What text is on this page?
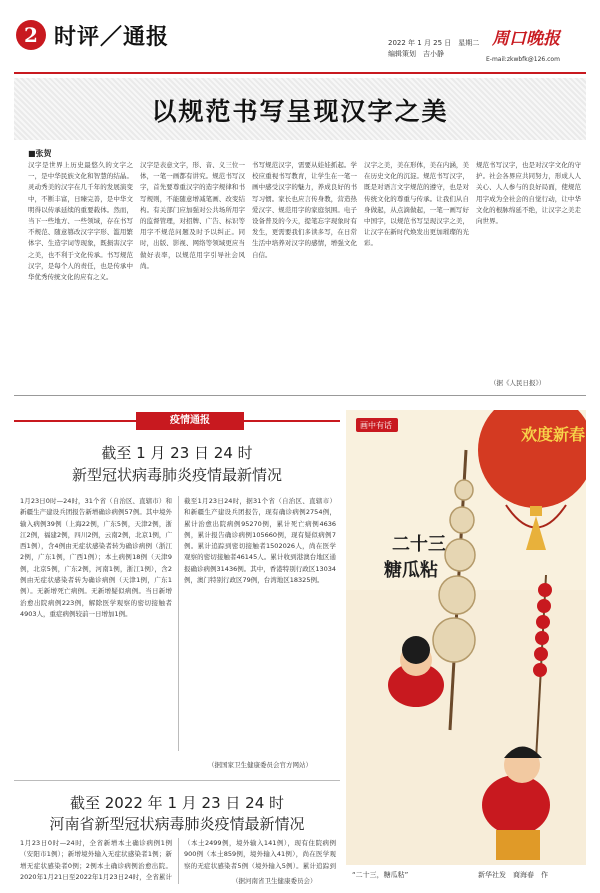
2 时评／通报	2022 年 1 月 25 日　星期二
编辑策划　吉小静
周口晚报
E-mail:zkwbfk@126.com
以规范书写呈现汉字之美
■张贺
汉字是世界上历史最悠久的文字之一，是中华民族文化和智慧的结晶。灵动秀美的汉字在几千年的发展演变中，不断丰富，日臻完善，是中华文明得以传承延续的重要载体。然而，当下一些地方、一些领域，存在书写不规范、随意篡改汉字字形、滥用繁体字、生造字词等现象，既损害汉字之美，也不利于文化传承。书写规范汉字，是每个人的责任，也是传承中华优秀传统文化的应有之义。
汉字是表意文字，形、音、义三位一体，一笔一画都有讲究。规范书写汉字，首先要尊重汉字的造字规律和书写规则，不能随意增减笔画、改变结构。有关部门应加强对公共场所用字的监督管理，对招牌、广告、标识等用字不规范问题及时予以纠正。同时，出版、影视、网络等领域更应当做好表率，以规范用字引导社会风尚。
书写规范汉字，需要从娃娃抓起。学校应重视书写教育，让学生在一笔一画中感受汉字的魅力，养成良好的书写习惯。家长也应言传身教，营造热爱汉字、规范用字的家庭氛围。电子设备普及的今天，提笔忘字现象时有发生，更需要我们多读多写，在日常生活中培养对汉字的感情，增强文化自信。
汉字之美，美在形体，美在内涵，美在历史文化的沉淀。规范书写汉字，既是对语言文字规范的遵守，也是对传统文化的尊重与传承。让我们从自身做起，从点滴做起，一笔一画写好中国字，以规范书写呈现汉字之美，让汉字在新时代焕发出更加璀璨的光彩。
规范书写汉字，也是对汉字文化的守护。社会各界应共同努力，形成人人关心、人人参与的良好局面，使规范用字成为全社会的自觉行动，让中华文化的根脉绵延不绝，让汉字之美走向世界。
（据《人民日报》）
疫情通报
截至 1 月 23 日 24 时
新型冠状病毒肺炎疫情最新情况
1月23日0时—24时，31个省（自治区、直辖市）和新疆生产建设兵团报告新增确诊病例57例。其中境外输入病例39例（上海22例，广东5例，天津2例，浙江2例，福建2例，四川2例，云南2例，北京1例，广西1例），含4例由无症状感染者转为确诊病例（浙江2例，广东1例，广西1例）；本土病例18例（天津9例，北京5例，广东2例，河南1例，浙江1例），含2例由无症状感染者转为确诊病例（天津1例，广东1例）。无新增死亡病例。无新增疑似病例。当日新增治愈出院病例223例，解除医学观察的密切接触者4903人，重症病例较前一日增加1例。
截至1月23日24时，据31个省（自治区、直辖市）和新疆生产建设兵团报告，现有确诊病例2754例，累计治愈出院病例95270例，累计死亡病例4636例，累计报告确诊病例105660例，现有疑似病例7例。累计追踪到密切接触者1502026人，尚在医学观察的密切接触者46145人。累计收到港澳台地区通报确诊病例31436例。其中，香港特别行政区13034例，澳门特别行政区79例，台湾地区18325例。
（据国家卫生健康委员会官方网站）
截至 2022 年 1 月 23 日 24 时
河南省新型冠状病毒肺炎疫情最新情况
1月23日0时—24时，全省新增本土确诊病例1例（安阳市1例）；新增境外输入无症状感染者1例；新增无症状感染者0例；2例本土确诊病例治愈出院。2020年1月21日至2022年1月23日24时，全省累计
（本土2499例，境外输入141例），现有住院病例900例（本土859例，境外输入41例），尚在医学观察的无症状感染者5例（境外输入5例）。累计追踪到
（据河南省卫生健康委员会）
欢度新春
画中有话
二十三
糖瓜粘
“二十三，糖瓜粘”	新华社发　商海春　作
